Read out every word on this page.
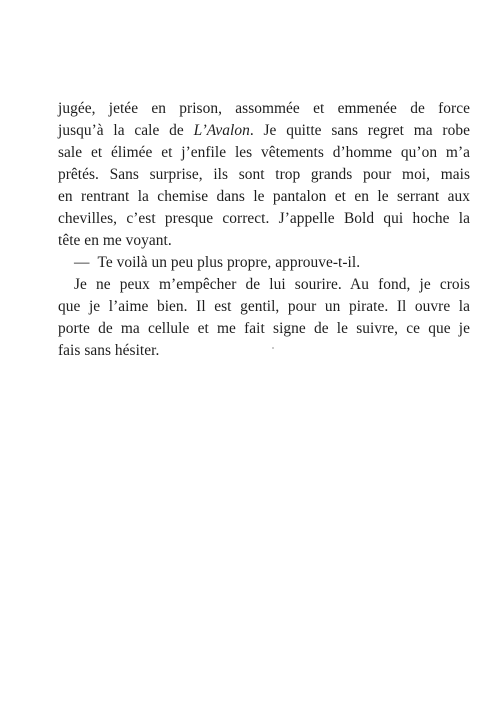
jugée, jetée en prison, assommée et emmenée de force
jusqu’à la cale de L’Avalon. Je quitte sans regret ma robe
sale et élimée et j’enfile les vêtements d’homme qu’on m’a
prêtés. Sans surprise, ils sont trop grands pour moi, mais
en rentrant la chemise dans le pantalon et en le serrant aux
chevilles, c’est presque correct. J’appelle Bold qui hoche la
tête en me voyant.
— Te voilà un peu plus propre, approuve-t-il.
Je ne peux m’empêcher de lui sourire. Au fond, je crois
que je l’aime bien. Il est gentil, pour un pirate. Il ouvre la
porte de ma cellule et me fait signe de le suivre, ce que je
fais sans hésiter.
